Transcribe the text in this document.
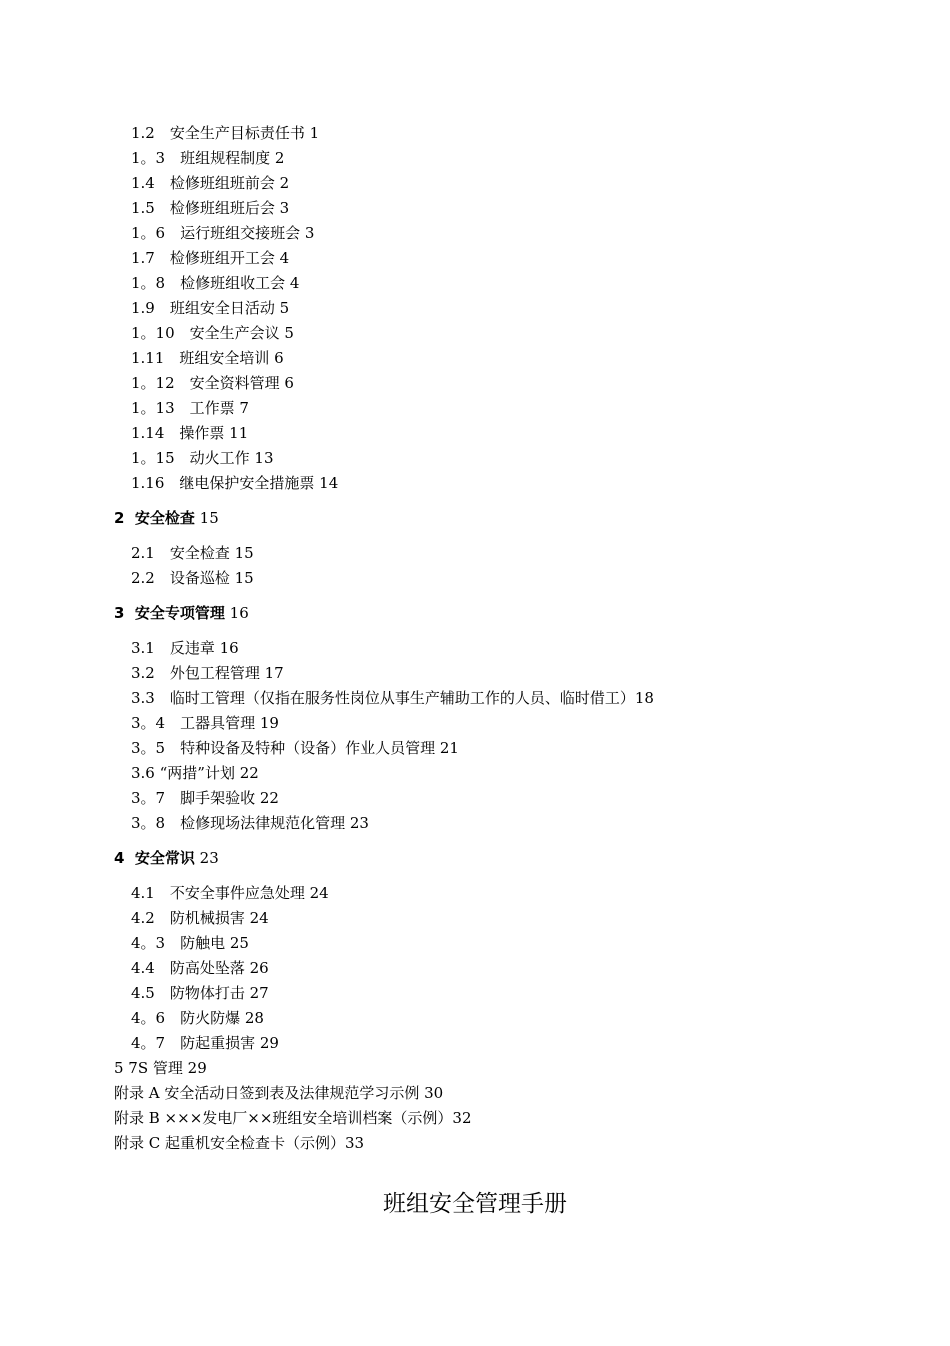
1.2　安全生产目标责任书 1
1。3　班组规程制度 2
1.4　检修班组班前会 2
1.5　检修班组班后会 3
1。6　运行班组交接班会 3
1.7　检修班组开工会 4
1。8　检修班组收工会 4
1.9　班组安全日活动 5
1。10　安全生产会议 5
1.11　班组安全培训 6
1。12　安全资料管理 6
1。13　工作票 7
1.14　操作票 11
1。15　动火工作 13
1.16　继电保护安全措施票 14
2  安全检查 15
2.1　安全检查 15
2.2　设备巡检 15
3  安全专项管理 16
3.1　反违章 16
3.2　外包工程管理 17
3.3　临时工管理（仅指在服务性岗位从事生产辅助工作的人员、临时借工）18
3。4　工器具管理 19
3。5　特种设备及特种（设备）作业人员管理 21
3.6 “两措”计划 22
3。7　脚手架验收 22
3。8　检修现场法律规范化管理 23
4  安全常识 23
4.1　不安全事件应急处理 24
4.2　防机械损害 24
4。3　防触电 25
4.4　防高处坠落 26
4.5　防物体打击 27
4。6　防火防爆 28
4。7　防起重损害 29
5 7S 管理 29
附录 A 安全活动日签到表及法律规范学习示例 30
附录 B ×××发电厂××班组安全培训档案（示例）32
附录 C 起重机安全检查卡（示例）33
班组安全管理手册
